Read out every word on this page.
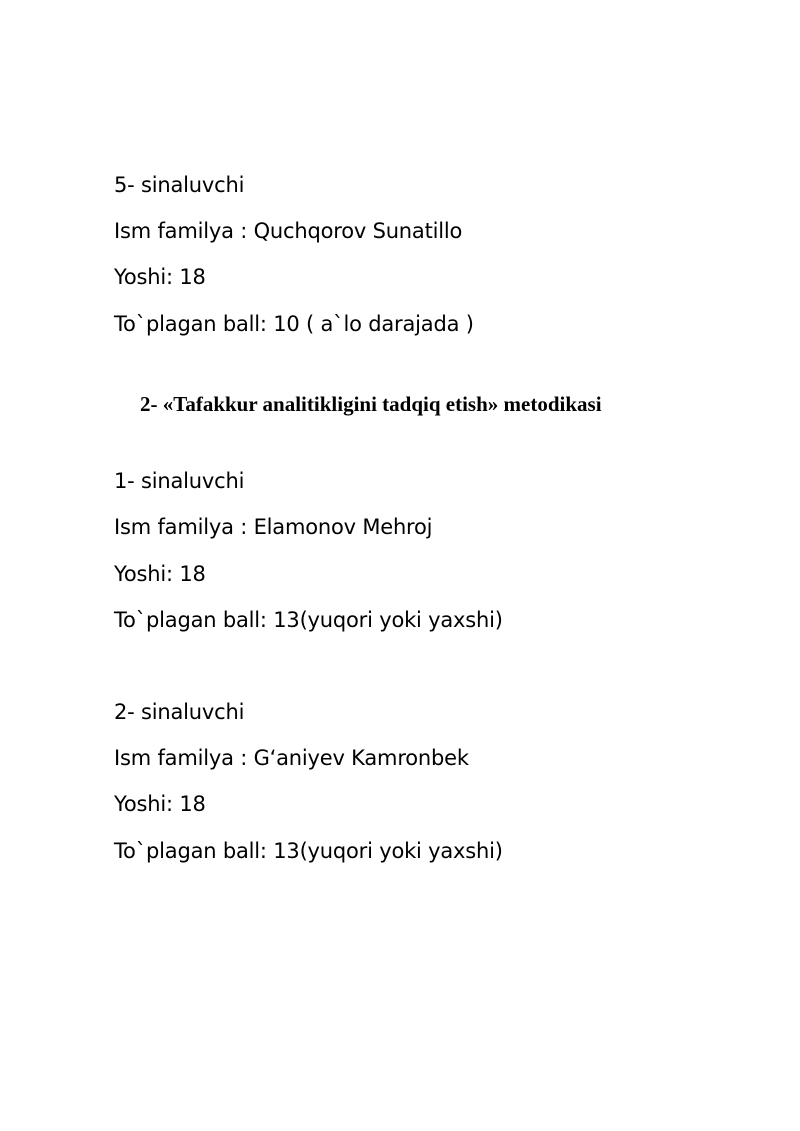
5- sinaluvchi
Ism familya : Quchqorov Sunatillo
Yoshi: 18
To`plagan ball: 10 ( a`lo darajada )
2- «Tafakkur analitikligini tadqiq etish» metodikasi
1- sinaluvchi
Ism familya : Elamonov Mehroj
Yoshi: 18
To`plagan ball: 13(yuqori yoki yaxshi)
2- sinaluvchi
Ism familya : G‘aniyev Kamronbek
Yoshi: 18
To`plagan ball: 13(yuqori yoki yaxshi)
